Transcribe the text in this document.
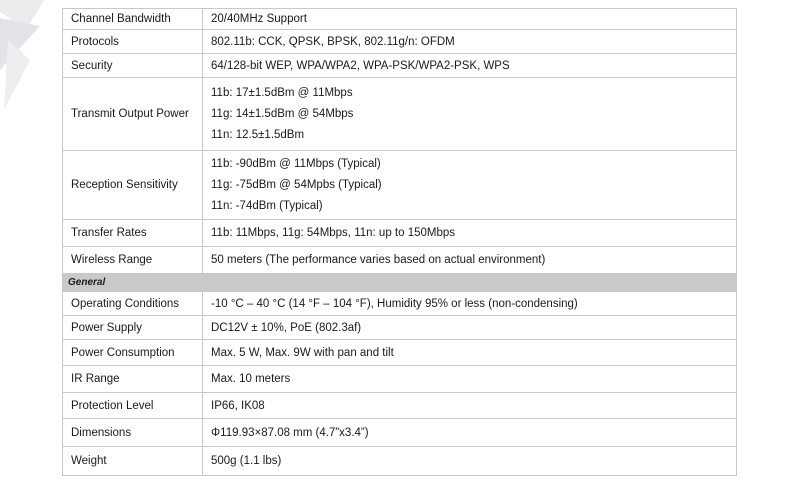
Channel Bandwidth	20/40MHz Support

Protocols	802.11b: CCK, QPSK, BPSK, 802.11g/n: OFDM

Security	64/128-bit WEP, WPA/WPA2, WPA-PSK/WPA2-PSK, WPS

Transmit Output Power	11b: 17±1.5dBm @ 11Mbps
11g: 14±1.5dBm @ 54Mbps
11n: 12.5±1.5dBm

Reception Sensitivity	11b: -90dBm @ 11Mbps (Typical)
11g: -75dBm @ 54Mpbs (Typical)
11n: -74dBm (Typical)

Transfer Rates	11b: 11Mbps, 11g: 54Mbps, 11n: up to 150Mbps

Wireless Range	50 meters (The performance varies based on actual environment)

General	
Operating Conditions	-10 °C – 40 °C (14 °F – 104 °F), Humidity 95% or less (non-condensing)

Power Supply	DC12V ± 10%, PoE (802.3af)

Power Consumption	Max. 5 W, Max. 9W with pan and tilt

IR Range	Max. 10 meters

Protection Level	IP66, IK08

Dimensions	Φ119.93×87.08 mm (4.7”x3.4”)

Weight	500g (1.1 lbs)
